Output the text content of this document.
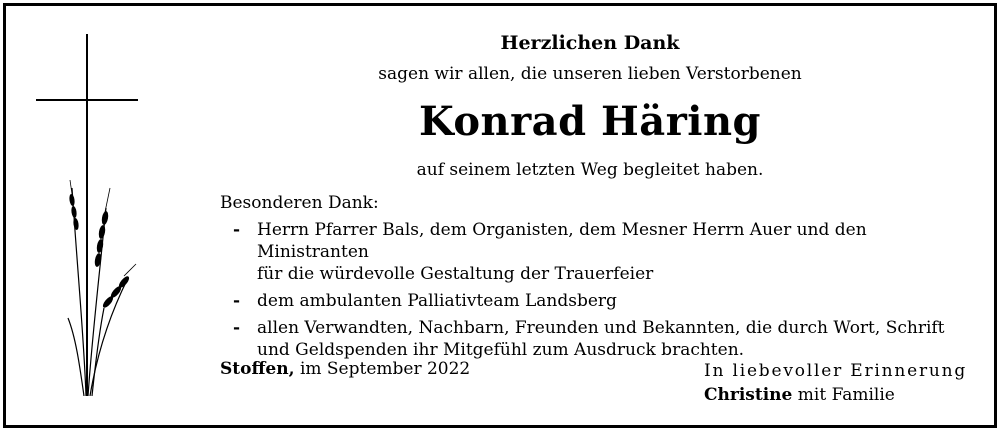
Herzlichen Dank
sagen wir allen, die unseren lieben Verstorbenen
Konrad Häring
auf seinem letzten Weg begleitet haben.
Besonderen Dank:
- Herrn Pfarrer Bals, dem Organisten, dem Mesner Herrn Auer und den Ministranten
für die würdevolle Gestaltung der Trauerfeier
- dem ambulanten Palliativteam Landsberg
- allen Verwandten, Nachbarn, Freunden und Bekannten, die durch Wort, Schrift
und Geldspenden ihr Mitgefühl zum Ausdruck brachten.
Stoffen, im September 2022	In liebevoller Erinnerung
Christine mit Familie
